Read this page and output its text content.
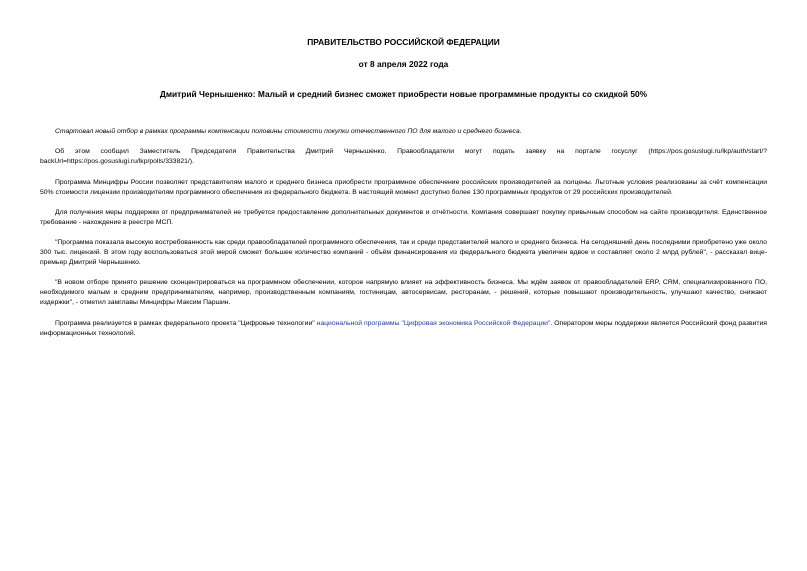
ПРАВИТЕЛЬСТВО РОССИЙСКОЙ ФЕДЕРАЦИИ
от 8 апреля 2022 года
Дмитрий Чернышенко: Малый и средний бизнес сможет приобрести новые программные продукты со скидкой 50%

Стартовал новый отбор в рамках программы компенсации половины стоимости покупки отечественного ПО для малого и среднего бизнеса.

Об этом сообщил Заместитель Председателя Правительства Дмитрий Чернышенко. Правообладатели могут подать заявку на портале госуслуг (https://pos.gosuslugi.ru/lkp/auth/start/?backUrl=https://pos.gosuslugi.ru/lkp/polls/333821/).

Программа Минцифры России позволяет представителям малого и среднего бизнеса приобрести программное обеспечение российских производителей за полцены. Льготные условия реализованы за счёт компенсации 50% стоимости лицензии производителям программного обеспечения из федерального бюджета. В настоящий момент доступно более 130 программных продуктов от 29 российских производителей.

Для получения меры поддержки от предпринимателей не требуется предоставление дополнительных документов и отчётности. Компания совершает покупку привычным способом на сайте производителя. Единственное требование - нахождение в реестре МСП.

"Программа показала высокую востребованность как среди правообладателей программного обеспечения, так и среди представителей малого и среднего бизнеса. На сегодняшний день последними приобретено уже около 300 тыс. лицензий. В этом году воспользоваться этой мерой сможет большее количество компаний - объём финансирования из федерального бюджета увеличен вдвое и составляет около 2 млрд рублей", - рассказал вице-премьер Дмитрий Чернышенко.

"В новом отборе принято решение сконцентрироваться на программном обеспечении, которое напрямую влияет на эффективность бизнеса. Мы ждём заявок от правообладателей ERP, CRM, специализированного ПО, необходимого малым и средним предпринимателям, например, производственным компаниям, гостиницам, автосервисам, ресторанам, - решений, которые повышают производительность, улучшают качество, снижают издержки", - отметил замглавы Минцифры Максим Паршин.

Программа реализуется в рамках федерального проекта "Цифровые технологии" национальной программы "Цифровая экономика Российской Федерации". Оператором меры поддержки является Российский фонд развития информационных технологий.
